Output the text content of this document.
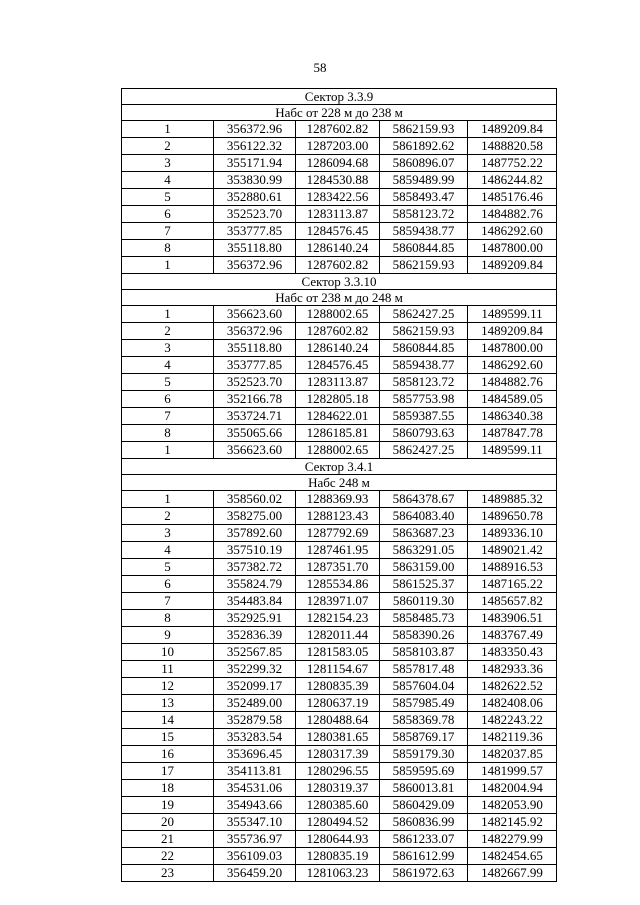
58
Сектор 3.3.9				
Набс от 228 м до 238 м				
1	356372.96	1287602.82	5862159.93	1489209.84
2	356122.32	1287203.00	5861892.62	1488820.58
3	355171.94	1286094.68	5860896.07	1487752.22
4	353830.99	1284530.88	5859489.99	1486244.82
5	352880.61	1283422.56	5858493.47	1485176.46
6	352523.70	1283113.87	5858123.72	1484882.76
7	353777.85	1284576.45	5859438.77	1486292.60
8	355118.80	1286140.24	5860844.85	1487800.00
1	356372.96	1287602.82	5862159.93	1489209.84
Сектор 3.3.10				
Набс от 238 м до 248 м				
1	356623.60	1288002.65	5862427.25	1489599.11
2	356372.96	1287602.82	5862159.93	1489209.84
3	355118.80	1286140.24	5860844.85	1487800.00
4	353777.85	1284576.45	5859438.77	1486292.60
5	352523.70	1283113.87	5858123.72	1484882.76
6	352166.78	1282805.18	5857753.98	1484589.05
7	353724.71	1284622.01	5859387.55	1486340.38
8	355065.66	1286185.81	5860793.63	1487847.78
1	356623.60	1288002.65	5862427.25	1489599.11
Сектор 3.4.1				
Набс 248 м				
1	358560.02	1288369.93	5864378.67	1489885.32
2	358275.00	1288123.43	5864083.40	1489650.78
3	357892.60	1287792.69	5863687.23	1489336.10
4	357510.19	1287461.95	5863291.05	1489021.42
5	357382.72	1287351.70	5863159.00	1488916.53
6	355824.79	1285534.86	5861525.37	1487165.22
7	354483.84	1283971.07	5860119.30	1485657.82
8	352925.91	1282154.23	5858485.73	1483906.51
9	352836.39	1282011.44	5858390.26	1483767.49
10	352567.85	1281583.05	5858103.87	1483350.43
11	352299.32	1281154.67	5857817.48	1482933.36
12	352099.17	1280835.39	5857604.04	1482622.52
13	352489.00	1280637.19	5857985.49	1482408.06
14	352879.58	1280488.64	5858369.78	1482243.22
15	353283.54	1280381.65	5858769.17	1482119.36
16	353696.45	1280317.39	5859179.30	1482037.85
17	354113.81	1280296.55	5859595.69	1481999.57
18	354531.06	1280319.37	5860013.81	1482004.94
19	354943.66	1280385.60	5860429.09	1482053.90
20	355347.10	1280494.52	5860836.99	1482145.92
21	355736.97	1280644.93	5861233.07	1482279.99
22	356109.03	1280835.19	5861612.99	1482454.65
23	356459.20	1281063.23	5861972.63	1482667.99
